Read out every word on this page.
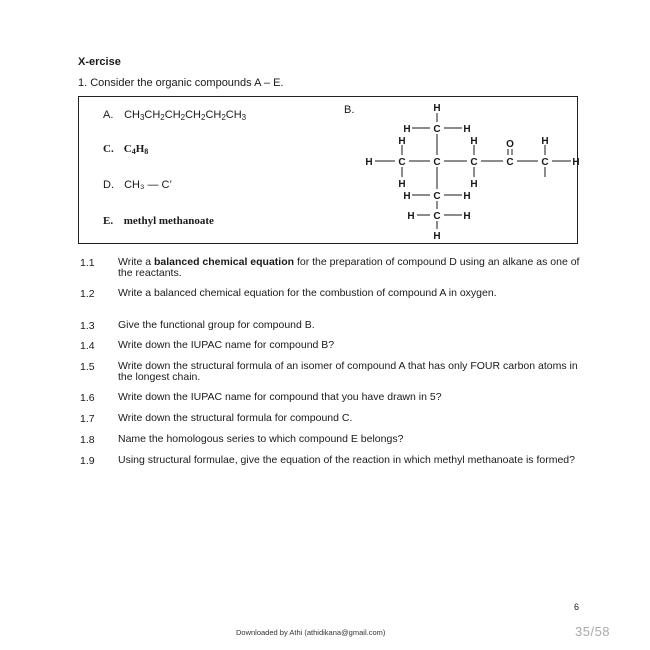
X-ercise
1. Consider the organic compounds A – E.
A. $CH_3CH_2CH_2CH_2CH_2CH_3$
B.
C. $C_4H_8$
D. CH₃ — C’
E. methyl methanoate
H
C
H	H
H	O
H	H
C	C	C	C	C
H	H
H	H
H C H
H C H
H
1.1	Write a balanced chemical equation for the preparation of compound D using an alkane as one of the reactants.
1.2	Write a balanced chemical equation for the combustion of compound A in oxygen.
1.3	Give the functional group for compound B.
1.4	Write down the IUPAC name for compound B?
1.5	Write down the structural formula of an isomer of compound A that has only FOUR carbon atoms in the longest chain.
1.6	Write down the IUPAC name for compound that you have drawn in 5?
1.7	Write down the structural formula for compound C.
1.8	Name the homologous series to which compound E belongs?
1.9	Using structural formulae, give the equation of the reaction in which methyl methanoate is formed?
6
Downloaded by Athi (athidikana@gmail.com)	35/58
